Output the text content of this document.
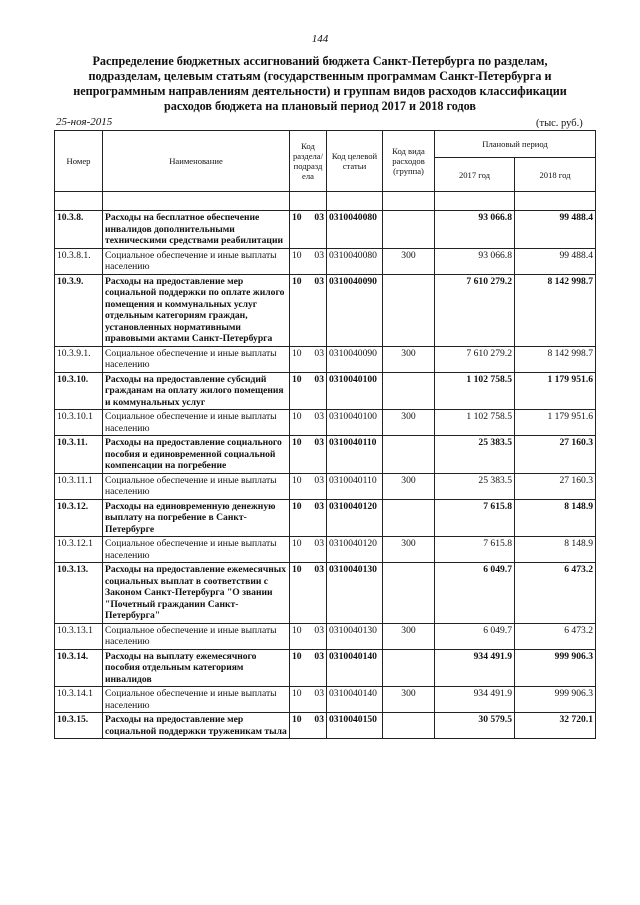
144
Распределение бюджетных ассигнований бюджета Санкт-Петербурга по разделам, подразделам, целевым статьям (государственным программам Санкт-Петербурга и непрограммным направлениям деятельности) и группам видов расходов классификации расходов бюджета на плановый период 2017 и 2018 годов
25-ноя-2015	(тыс. руб.)
Номер	Наименование	Код раздела/подразд ела		Код целевой статьи	Код вида расходов (группа)	Плановый период	
						2017 год	2018 год

10.3.8.	Расходы на бесплатное обеспечение инвалидов дополнительными техническими средствами реабилитации	10	03	0310040080		93 066.8	99 488.4
10.3.8.1.	Социальное обеспечение и иные выплаты населению	10	03	0310040080	300	93 066.8	99 488.4
10.3.9.	Расходы на предоставление мер социальной поддержки по оплате жилого помещения и коммунальных услуг отдельным категориям граждан, установленных нормативными правовыми актами Санкт-Петербурга	10	03	0310040090		7 610 279.2	8 142 998.7
10.3.9.1.	Социальное обеспечение и иные выплаты населению	10	03	0310040090	300	7 610 279.2	8 142 998.7
10.3.10.	Расходы на предоставление субсидий гражданам на оплату жилого помещения и коммунальных услуг	10	03	0310040100		1 102 758.5	1 179 951.6
10.3.10.1	Социальное обеспечение и иные выплаты населению	10	03	0310040100	300	1 102 758.5	1 179 951.6
10.3.11.	Расходы на предоставление социального пособия и единовременной социальной компенсации на погребение	10	03	0310040110		25 383.5	27 160.3
10.3.11.1	Социальное обеспечение и иные выплаты населению	10	03	0310040110	300	25 383.5	27 160.3
10.3.12.	Расходы на единовременную денежную выплату на погребение в Санкт-Петербурге	10	03	0310040120		7 615.8	8 148.9
10.3.12.1	Социальное обеспечение и иные выплаты населению	10	03	0310040120	300	7 615.8	8 148.9
10.3.13.	Расходы на предоставление ежемесячных социальных выплат в соответствии с Законом Санкт-Петербурга "О звании "Почетный гражданин Санкт-Петербурга"	10	03	0310040130		6 049.7	6 473.2
10.3.13.1	Социальное обеспечение и иные выплаты населению	10	03	0310040130	300	6 049.7	6 473.2
10.3.14.	Расходы на выплату ежемесячного пособия отдельным категориям инвалидов	10	03	0310040140		934 491.9	999 906.3
10.3.14.1	Социальное обеспечение и иные выплаты населению	10	03	0310040140	300	934 491.9	999 906.3
10.3.15.	Расходы на предоставление мер социальной поддержки труженикам тыла	10	03	0310040150		30 579.5	32 720.1
